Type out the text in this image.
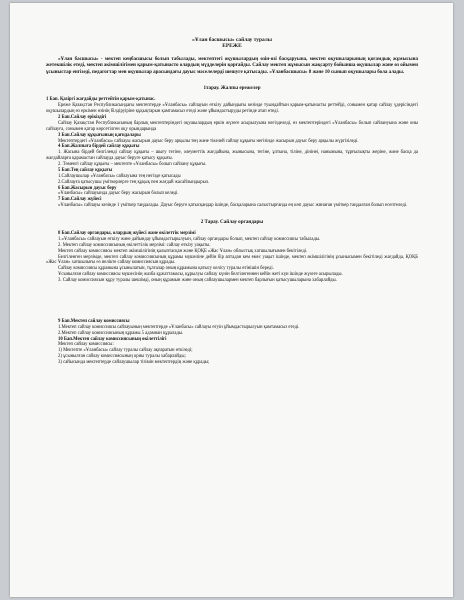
«Ұлан басшысы» сайлау туралы
ЕРЕЖЕ

«Ұлан басшысы» - мектеп кеңбасшысы болып табылады, мектептегі оқушылардың өзін-өзі басқаруына, мектеп оқушыларының қоғамдық жұмысына жетекшілік етеді, мектеп әкімшілігімен қарым-қатынасто олардың мүдделерін қорғайды. Сайлау мектеп жұмысын жақсарту бойынша оқушылар және өз ойымен ұсыныстар енгізеді, педагогтар мен оқушылар арасындағы дауыс мәселелерді шешуге қатысады. «Ұланбасшысы» 8 және 10 сынып оқушылары бола алады.

1тарау. Жалпы ережелер

1 Бап. Қазіргі жағдайды реттейтін қарым-қатынас.

Ереже Қазақстан Республикасындағы мектептерде «Ұланбасы» сайлауын өткізу дайындығы кезінде туындайтын қарым-қатынасты реттейді, сонымен қатар сайлау үдерісіндегі оқушылардың өз еркімен өзінің білдіруіріне құқықтарын қамтамасыз етеді және ұйымдастыруды ретінде атап өтеді.

2 Бап.Сайлау ерікіздігі

Сайлау Қазақстан Республикасының барлық мектептеріндегі оқушылардың еркін жүзеге асырылуына негізделеді, өз мектептеріндегі «Ұланбасы» болып сайлануына және оны сайлауға, сонымен қатар көрсетілген оқу орындарында

3 Бап.Сайлау құқығының қағидалары

Мектептердегі «Ұланбасы» сайлауы жасырын дауыс беру арқылы тең және тікелей сайлау құқығы негізінде жасырын дауыс беру арқылы жүргізіледі.

4 Бап.Жалпыға бірдей сайлау құқығы

1. Жасына бірдей белгіленді сайлау құқығы – шығу тегіне, әлеуметтік жағдайына, жынысына, тегіне, ұлтына, тіліне, дінінеі, нанымына, тұрғылықты жеріне, және басқа да жағдайларға қарамастан сайлауда дауыс беруге қатысу құқығы.

2. Төменгі сайлау құқығы – мектепте «Ұланбасы» болып сайлану құқығы.

5 Бап.Тең сайлау құқығы

1.Сайлаушылар «Ұланбасы» сайлауына тең негізде қатысады

2.Сайлауға қатысушы үміткерлерге тең құқық пен жағдай жасайлындырыл.

6 Бап.Жасырын дауыс беру

«Ұланбасы» сайлауында дауыс беру жасырын болып келеді.

7 Бап.Сайлау жүйесі

«Ұланбасы» сайлауы кезінде 1 үміткер таңдалады. Дауыс беруге қатысқандар ішінде, басқаларына салыстырғанда ең көп дауыс жинаған үміткер таңдалған болып есептеледі.

2 Тарау. Сайлау органдары

8 Бап.Сайлау органдары, олардың жүйесі және өкілеттік мерзімі

1.«Ұланбасы» сайлауын өткізу және дайындау ұйымдастырылуын, сайлау органдары болып, мектеп сайлау комиссиясы табылады.

2. Мектеп сайлау комиссиясының өкілеттілік мерзімі: сайлау өткізу уақыты.

Мектеп сайлау комиссиясы мектеп әкімшілігінің қалыптасқан және ҚОҚБ «Жас Ұлан» облыстық хатшылығымен бекітіледі.

Белгіленген мерзімде, мектеп сайлау комиссиясының құрамы мүшеліне дейін бір аптадан кем емес уақыт ішінде, мектеп әкімшілігінің ұсынысымен бекітіледі жағдайда, ҚОҚБ «Жас Ұлан» хатшылығы өз иелікте сайлау комиссиясын құрады.

Сайлау комиссиясы құрамына ұсынылатын, тұлғалар оның құрамына қатысу келісу туралы өтінішін береді.

Ұсынылған сайлау комиссиясы мүшесінің жазба құжаттамасы, құрылуы сайлау күнін белгілегеннен кейін жеті күн ішінде жүзеге асырылады.

3. Сайлау комиссиясын құру туралы шешімді, оның құрамын және оның сайлаушылармен мектеп барлығын қатысушыларына хабарлайды.

9 Бап.Мектеп сайлау комиссиясы

1.Мектеп сайлау комиссиясы сайлауының мектептерде «Ұланбасы» сайлауы өтуін ұйымдастырылуын қамтамасыз етеді.

2.Мектеп сайлау комиссиясының құрамы 5 адамнан құралады.

10 Бап.Мектеп сайлау комиссиясының өкілеттілігі

Мектеп сайлау комиссиясы:

1) Мектепте «Ұланбасы» сайлау туралы сайлау ақпаратын өткізеді;

2) ұсынылған сайлау комиссиясының орны туралы хабарлайды;

3) сайысында мектептерде сайлаушылар тізімін мектептердің және құрады;
